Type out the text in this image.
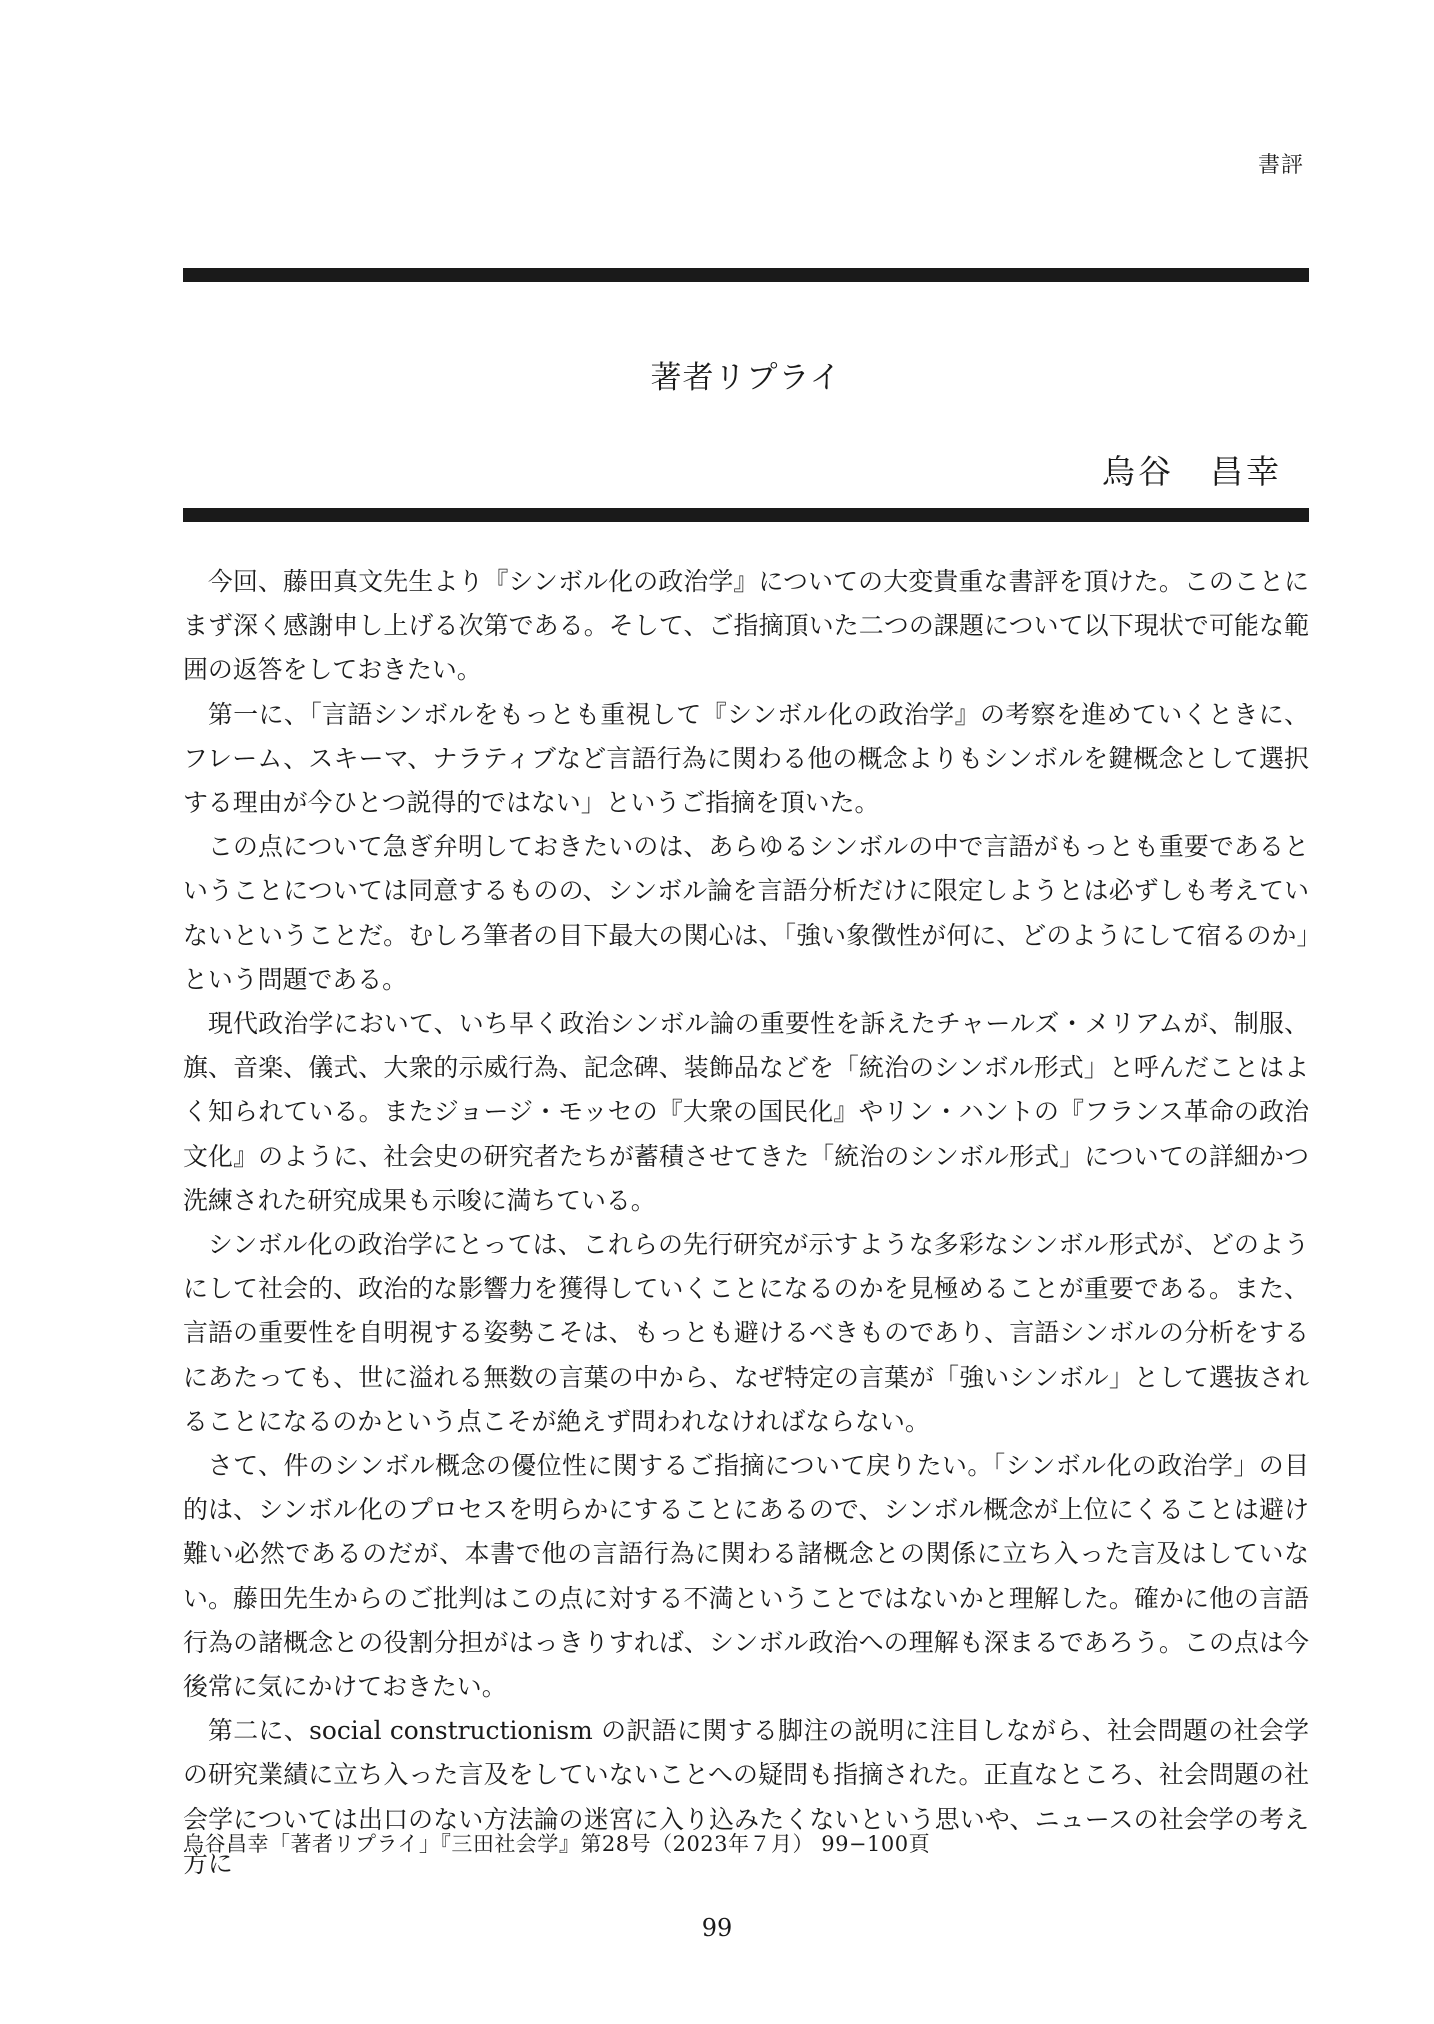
書評
著者リプライ
烏谷　昌幸

今回、藤田真文先生より『シンボル化の政治学』についての大変貴重な書評を頂けた。このことにまず深く感謝申し上げる次第である。そして、ご指摘頂いた二つの課題について以下現状で可能な範囲の返答をしておきたい。

第一に、「言語シンボルをもっとも重視して『シンボル化の政治学』の考察を進めていくときに、フレーム、スキーマ、ナラティブなど言語行為に関わる他の概念よりもシンボルを鍵概念として選択する理由が今ひとつ説得的ではない」というご指摘を頂いた。

この点について急ぎ弁明しておきたいのは、あらゆるシンボルの中で言語がもっとも重要であるということについては同意するものの、シンボル論を言語分析だけに限定しようとは必ずしも考えていないということだ。むしろ筆者の目下最大の関心は、「強い象徴性が何に、どのようにして宿るのか」という問題である。

現代政治学において、いち早く政治シンボル論の重要性を訴えたチャールズ・メリアムが、制服、旗、音楽、儀式、大衆的示威行為、記念碑、装飾品などを「統治のシンボル形式」と呼んだことはよく知られている。またジョージ・モッセの『大衆の国民化』やリン・ハントの『フランス革命の政治文化』のように、社会史の研究者たちが蓄積させてきた「統治のシンボル形式」についての詳細かつ洗練された研究成果も示唆に満ちている。

シンボル化の政治学にとっては、これらの先行研究が示すような多彩なシンボル形式が、どのようにして社会的、政治的な影響力を獲得していくことになるのかを見極めることが重要である。また、言語の重要性を自明視する姿勢こそは、もっとも避けるべきものであり、言語シンボルの分析をするにあたっても、世に溢れる無数の言葉の中から、なぜ特定の言葉が「強いシンボル」として選抜されることになるのかという点こそが絶えず問われなければならない。

さて、件のシンボル概念の優位性に関するご指摘について戻りたい。「シンボル化の政治学」の目的は、シンボル化のプロセスを明らかにすることにあるので、シンボル概念が上位にくることは避け難い必然であるのだが、本書で他の言語行為に関わる諸概念との関係に立ち入った言及はしていない。藤田先生からのご批判はこの点に対する不満ということではないかと理解した。確かに他の言語行為の諸概念との役割分担がはっきりすれば、シンボル政治への理解も深まるであろう。この点は今後常に気にかけておきたい。

第二に、social constructionism の訳語に関する脚注の説明に注目しながら、社会問題の社会学の研究業績に立ち入った言及をしていないことへの疑問も指摘された。正直なところ、社会問題の社会学については出口のない方法論の迷宮に入り込みたくないという思いや、ニュースの社会学の考え方に

烏谷昌幸「著者リプライ」『三田社会学』第28号（2023年７月） 99−100頁
99
